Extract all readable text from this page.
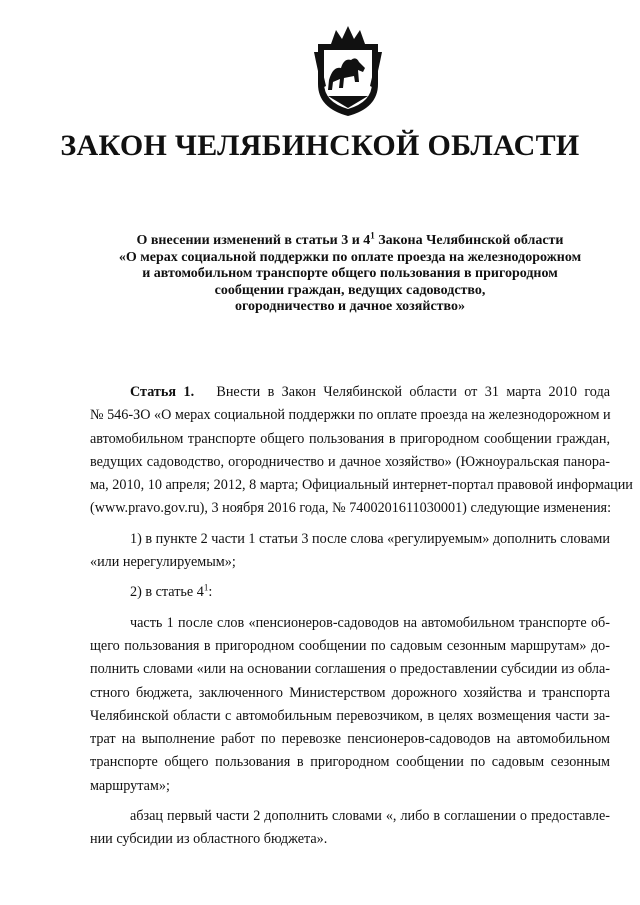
ЗАКОН ЧЕЛЯБИНСКОЙ ОБЛАСТИ
О внесении изменений в статьи 3 и $4^1$ Закона Челябинской области
«О мерах социальной поддержки по оплате проезда на железнодорожном
и автомобильном транспорте общего пользования в пригородном
сообщении граждан, ведущих садоводство,
огородничество и дачное хозяйство»
Статья 1. Внести в Закон Челябинской области от 31 марта 2010 года
№ 546-ЗО «О мерах социальной поддержки по оплате проезда на железнодорожном и
автомобильном транспорте общего пользования в пригородном сообщении граждан,
ведущих садоводство, огородничество и дачное хозяйство» (Южноуральская панора-
ма, 2010, 10 апреля; 2012, 8 марта; Официальный интернет-портал правовой информации
(www.pravo.gov.ru), 3 ноября 2016 года, № 7400201611030001) следующие изменения:
1) в пункте 2 части 1 статьи 3 после слова «регулируемым» дополнить словами
«или нерегулируемым»;
2) в статье $4^1$:
часть 1 после слов «пенсионеров-садоводов на автомобильном транспорте об-
щего пользования в пригородном сообщении по садовым сезонным маршрутам» до-
полнить словами «или на основании соглашения о предоставлении субсидии из обла-
стного бюджета, заключенного Министерством дорожного хозяйства и транспорта
Челябинской области с автомобильным перевозчиком, в целях возмещения части за-
трат на выполнение работ по перевозке пенсионеров-садоводов на автомобильном
транспорте общего пользования в пригородном сообщении по садовым сезонным
маршрутам»;
абзац первый части 2 дополнить словами «, либо в соглашении о предоставле-
нии субсидии из областного бюджета».
